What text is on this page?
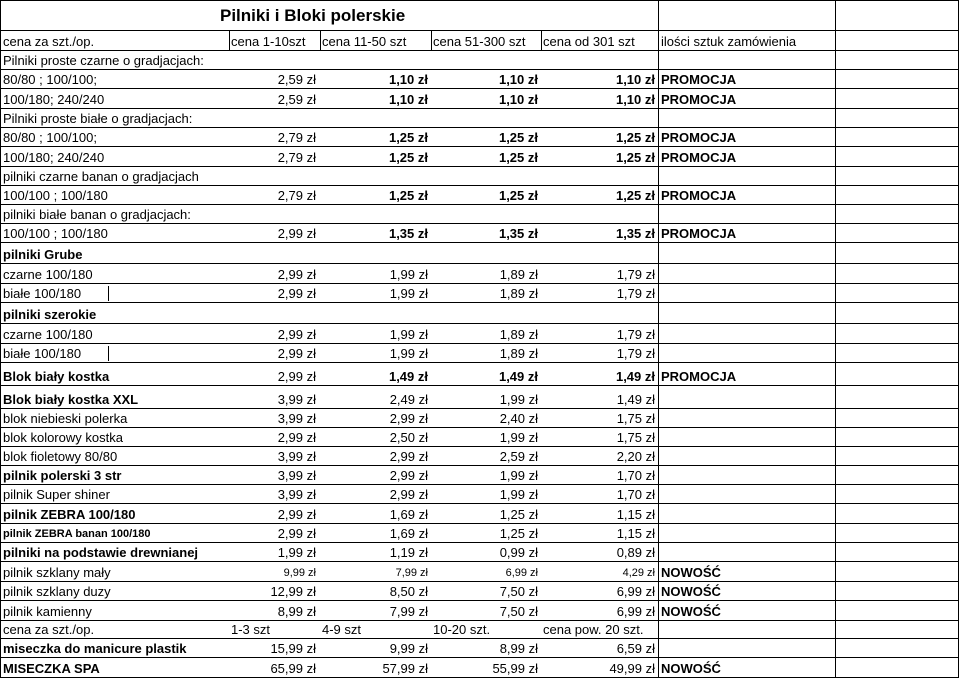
Pilniki i Bloki polerskie
cena za szt./op.	cena 1-10szt	cena 11-50 szt	cena 51-300 szt	cena od 301 szt	ilości sztuk zamówienia
Pilniki proste czarne o gradjacjach:
80/80 ; 100/100;	2,59 zł	1,10 zł	1,10 zł	1,10 zł PROMOCJA
100/180; 240/240	2,59 zł	1,10 zł	1,10 zł	1,10 zł PROMOCJA
Pilniki proste białe o gradjacjach:
80/80 ; 100/100;	2,79 zł	1,25 zł	1,25 zł	1,25 zł PROMOCJA
100/180; 240/240	2,79 zł	1,25 zł	1,25 zł	1,25 zł PROMOCJA
pilniki czarne banan o gradjacjach
100/100 ; 100/180	2,79 zł	1,25 zł	1,25 zł	1,25 zł PROMOCJA
pilniki białe banan o gradjacjach:
100/100 ; 100/180	2,99 zł	1,35 zł	1,35 zł	1,35 zł PROMOCJA
pilniki Grube
czarne 100/180	2,99 zł	1,99 zł	1,89 zł	1,79 zł
białe 100/180	2,99 zł	1,99 zł	1,89 zł	1,79 zł
pilniki szerokie
czarne 100/180	2,99 zł	1,99 zł	1,89 zł	1,79 zł
białe 100/180	2,99 zł	1,99 zł	1,89 zł	1,79 zł
Blok biały kostka	2,99 zł	1,49 zł	1,49 zł	1,49 zł PROMOCJA
Blok biały kostka XXL	3,99 zł	2,49 zł	1,99 zł	1,49 zł
blok niebieski polerka	3,99 zł	2,99 zł	2,40 zł	1,75 zł
blok kolorowy kostka	2,99 zł	2,50 zł	1,99 zł	1,75 zł
blok fioletowy 80/80	3,99 zł	2,99 zł	2,59 zł	2,20 zł
pilnik polerski 3 str	3,99 zł	2,99 zł	1,99 zł	1,70 zł
pilnik Super shiner	3,99 zł	2,99 zł	1,99 zł	1,70 zł
pilnik ZEBRA 100/180	2,99 zł	1,69 zł	1,25 zł	1,15 zł
pilnik ZEBRA banan 100/180	2,99 zł	1,69 zł	1,25 zł	1,15 zł
pilniki na podstawie drewnianej	1,99 zł	1,19 zł	0,99 zł	0,89 zł
pilnik szklany mały	9,99 zł	7,99 zł	6,99 zł	4,29 zł NOWOŚĆ
pilnik szklany duzy	12,99 zł	8,50 zł	7,50 zł	6,99 zł NOWOŚĆ
pilnik kamienny	8,99 zł	7,99 zł	7,50 zł	6,99 zł NOWOŚĆ
cena za szt./op.	1-3 szt	4-9 szt	10-20 szt.	cena pow. 20 szt.
miseczka do manicure plastik	15,99 zł	9,99 zł	8,99 zł	6,59 zł
MISECZKA SPA	65,99 zł	57,99 zł	55,99 zł	49,99 zł NOWOŚĆ
